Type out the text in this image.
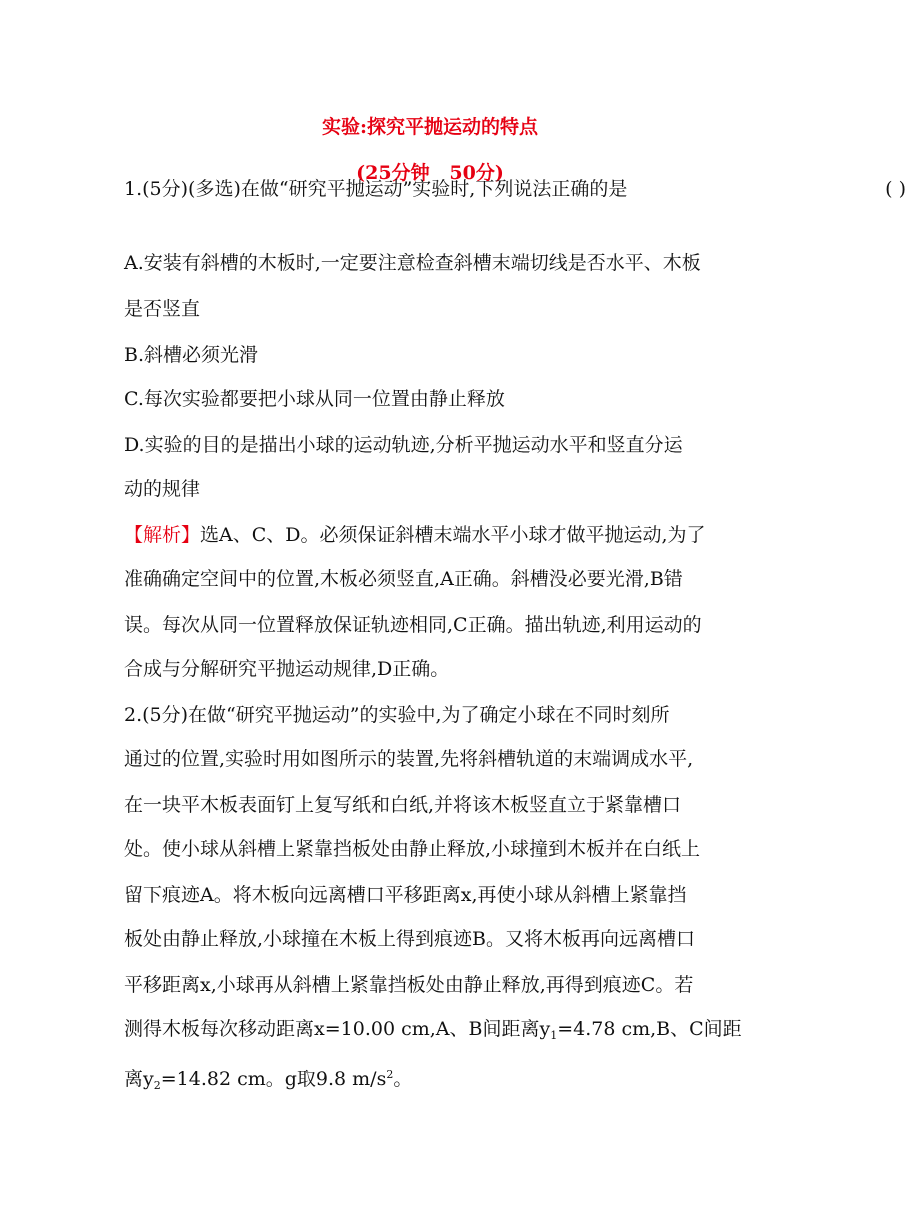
实验:探究平抛运动的特点
(25分钟   50分)
1.(5分)(多选)在做“研究平抛运动”实验时,下列说法正确的是	( )
A.安装有斜槽的木板时,一定要注意检查斜槽末端切线是否水平、木板
是否竖直
B.斜槽必须光滑
C.每次实验都要把小球从同一位置由静止释放
D.实验的目的是描出小球的运动轨迹,分析平抛运动水平和竖直分运
动的规律
【解析】选A、C、D。必须保证斜槽末端水平小球才做平抛运动,为了
准确确定空间中的位置,木板必须竖直,A正确。斜槽没必要光滑,B错
误。每次从同一位置释放保证轨迹相同,C正确。描出轨迹,利用运动的
合成与分解研究平抛运动规律,D正确。
2.(5分)在做“研究平抛运动”的实验中,为了确定小球在不同时刻所
通过的位置,实验时用如图所示的装置,先将斜槽轨道的末端调成水平,
在一块平木板表面钉上复写纸和白纸,并将该木板竖直立于紧靠槽口
处。使小球从斜槽上紧靠挡板处由静止释放,小球撞到木板并在白纸上
留下痕迹A。将木板向远离槽口平移距离x,再使小球从斜槽上紧靠挡
板处由静止释放,小球撞在木板上得到痕迹B。又将木板再向远离槽口
平移距离x,小球再从斜槽上紧靠挡板处由静止释放,再得到痕迹C。若
测得木板每次移动距离x=10.00 cm,A、B间距离$y_1=4.78$ cm,B、C间距
离$y_2=14.82$ cm。g取9.8 $m/s^2$。
